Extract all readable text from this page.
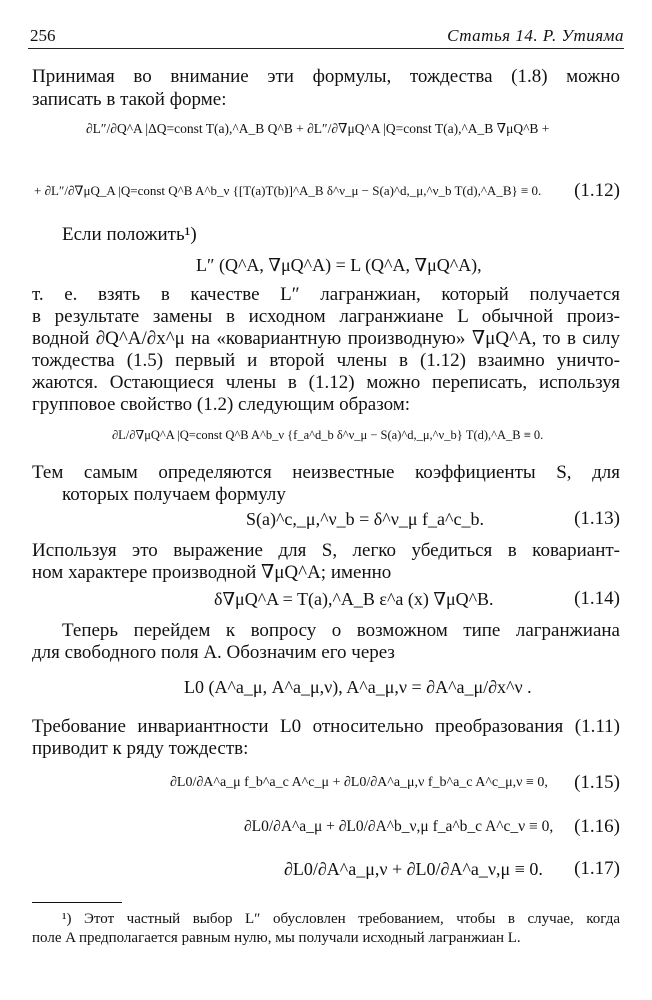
256	Статья 14. Р. Утияма
Принимая во внимание эти формулы, тождества (1.8) можно
записать в такой форме:
∂L″/∂Q^A |ΔQ=const T(a),^A_B Q^B + ∂L″/∂∇μQ^A |Q=const T(a),^A_B ∇μQ^B +
+ ∂L″/∂∇μQ_A |Q=const Q^B A^b_ν {[T(a)T(b)]^A_B δ^ν_μ − S(a)^d,_μ,^ν_b T(d),^A_B} ≡ 0. (1.12)
Если положить¹)
L″ (Q^A, ∇μQ^A) = L (Q^A, ∇μQ^A),
т. е. взять в качестве L″ лагранжиан, который получается
в результате замены в исходном лагранжиане L обычной произ-
водной ∂Q^A/∂x^μ на «ковариантную производную» ∇μQ^A, то в силу
тождества (1.5) первый и второй члены в (1.12) взаимно уничто-
жаются. Остающиеся члены в (1.12) можно переписать, используя
групповое свойство (1.2) следующим образом:
∂L/∂∇μQ^A |Q=const Q^B A^b_ν {f_a^d_b δ^ν_μ − S(a)^d,_μ,^ν_b} T(d),^A_B ≡ 0.
Тем самым определяются неизвестные коэффициенты S, для
которых получаем формулу
S(a)^c,_μ,^ν_b = δ^ν_μ f_a^c_b.	(1.13)
Используя это выражение для S, легко убедиться в ковариант-
ном характере производной ∇μQ^A; именно
δ∇μQ^A = T(a),^A_B ε^a (x) ∇μQ^B.	(1.14)
Теперь перейдем к вопросу о возможном типе лагранжиана
для свободного поля A. Обозначим его через
L0 (A^a_μ, A^a_μ,ν), A^a_μ,ν = ∂A^a_μ/∂x^ν .
Требование инвариантности L0 относительно преобразования (1.11)
приводит к ряду тождеств:
∂L0/∂A^a_μ f_b^a_c A^c_μ + ∂L0/∂A^a_μ,ν f_b^a_c A^c_μ,ν ≡ 0, (1.15)
∂L0/∂A^a_μ + ∂L0/∂A^b_ν,μ f_a^b_c A^c_ν ≡ 0, (1.16)
∂L0/∂A^a_μ,ν + ∂L0/∂A^a_ν,μ ≡ 0. (1.17)
¹) Этот частный выбор L″ обусловлен требованием, чтобы в случае, когда
поле A предполагается равным нулю, мы получали исходный лагранжиан L.
